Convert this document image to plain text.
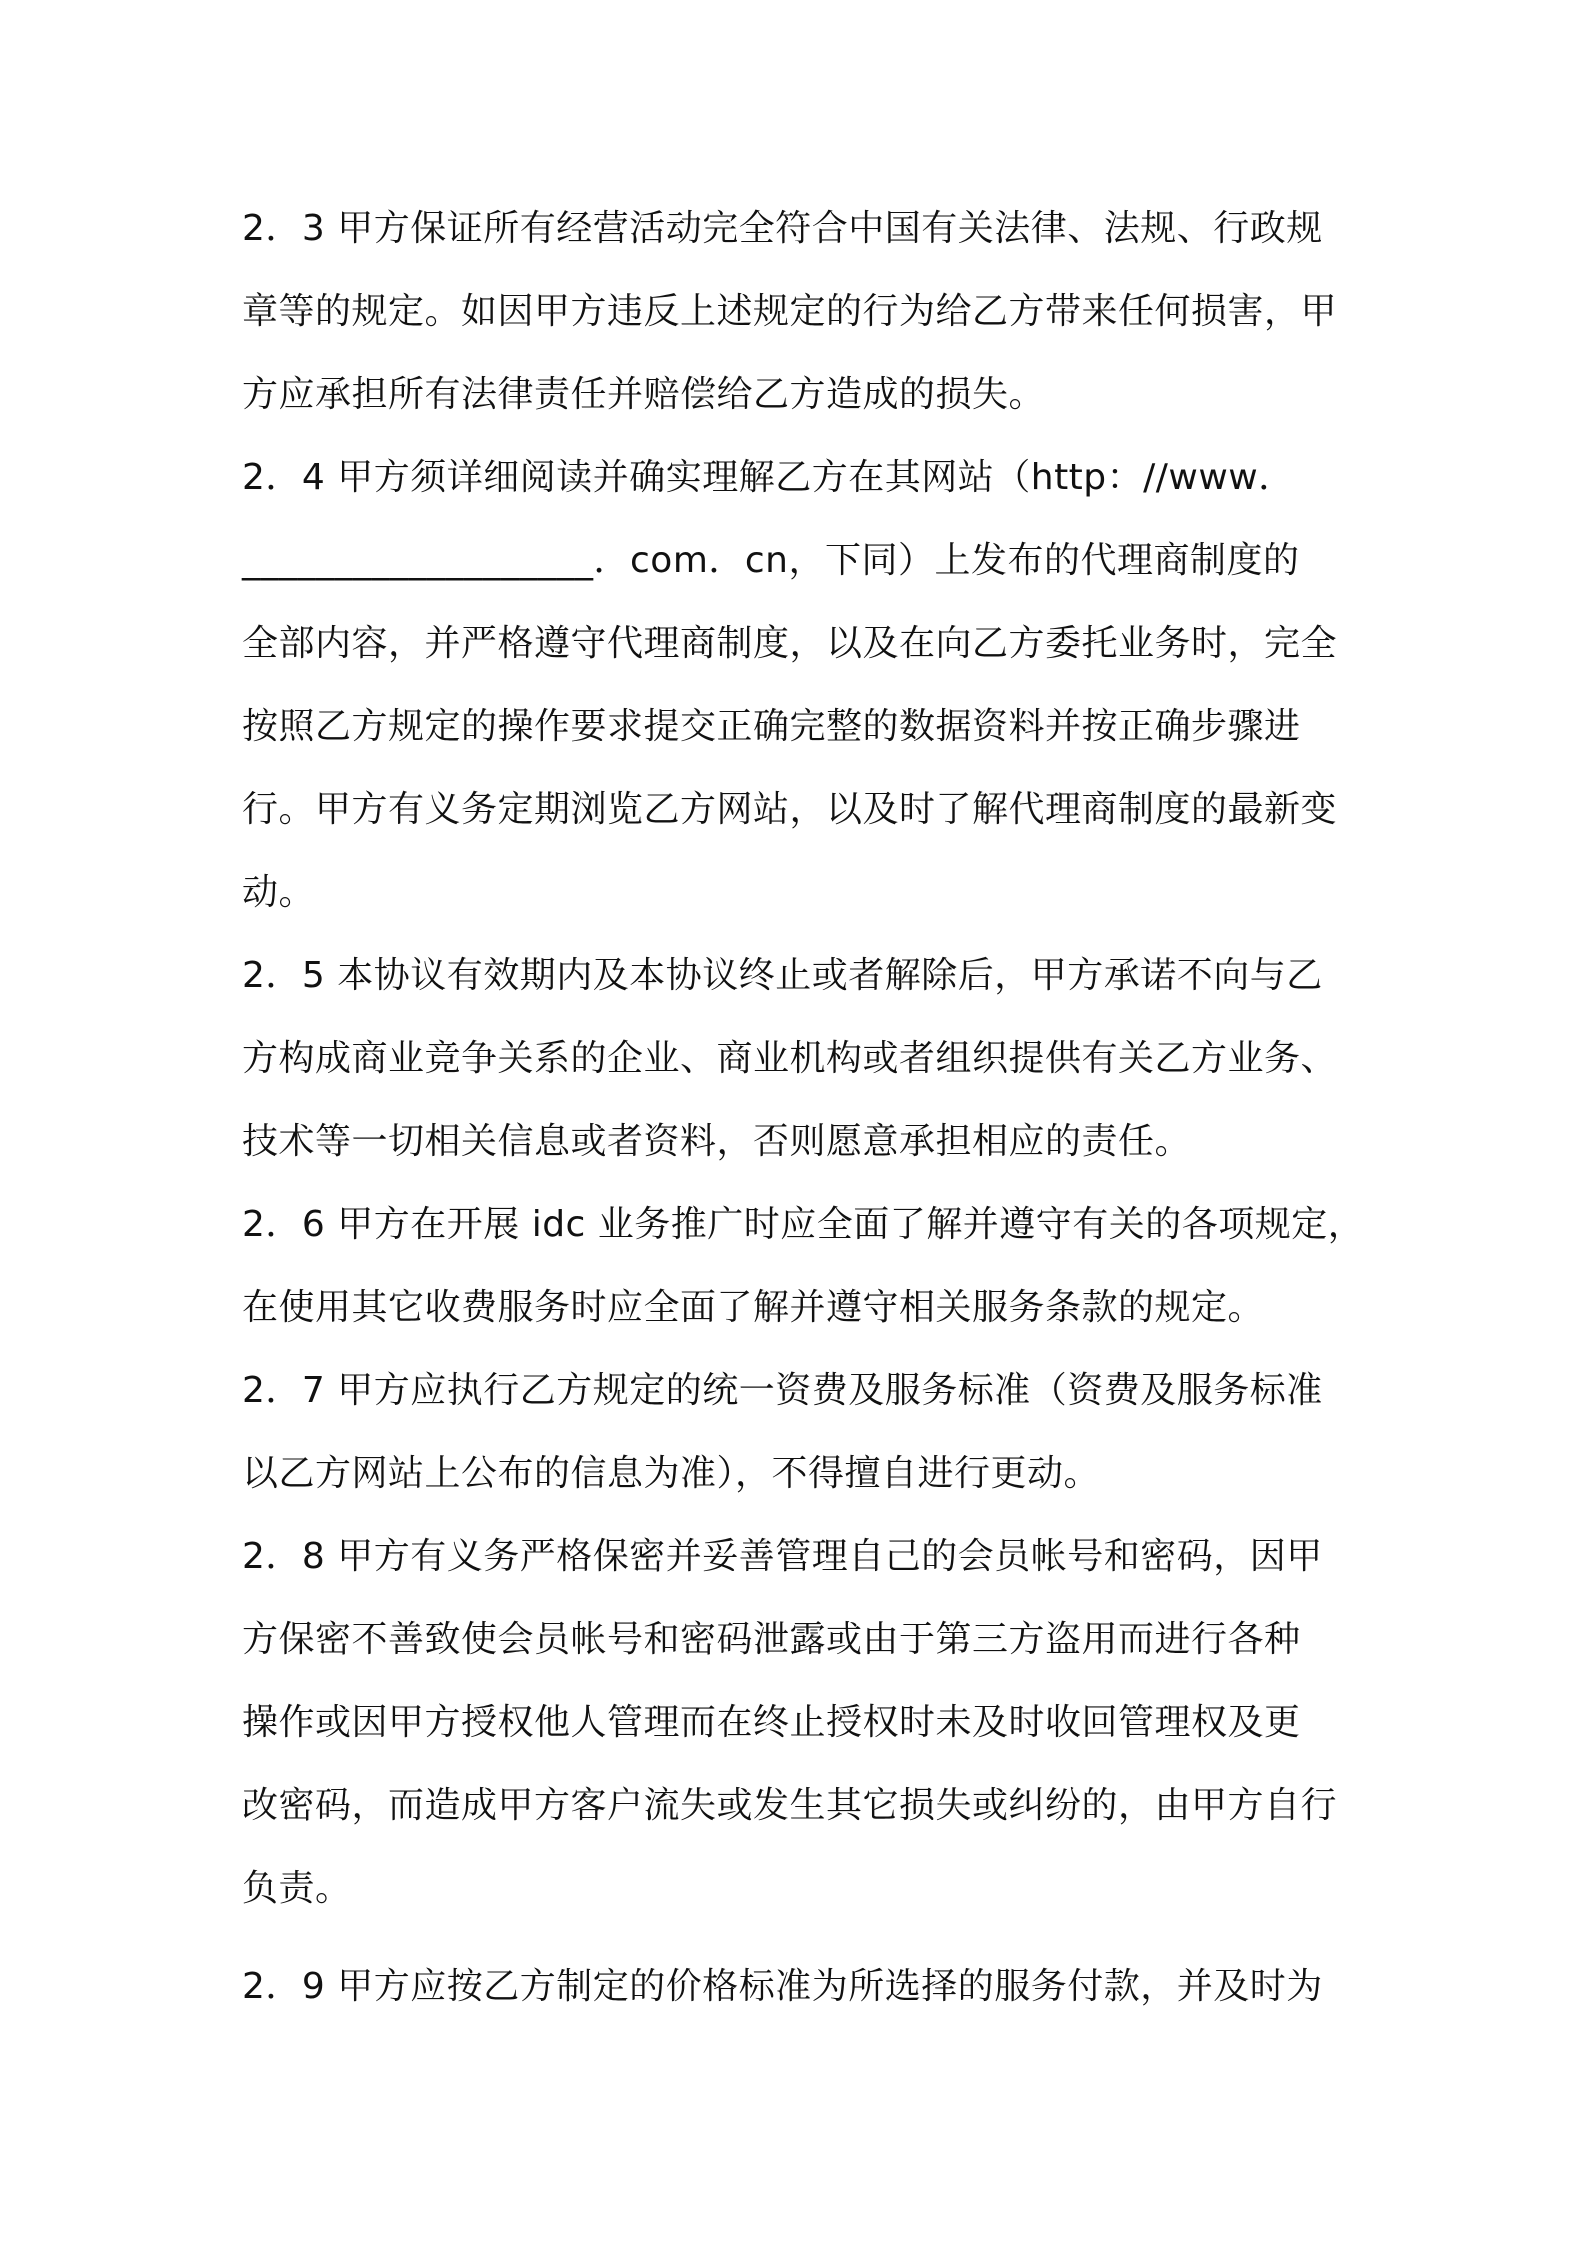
2．3 甲方保证所有经营活动完全符合中国有关法律、法规、行政规
章等的规定。如因甲方违反上述规定的行为给乙方带来任何损害，甲
方应承担所有法律责任并赔偿给乙方造成的损失。
2．4 甲方须详细阅读并确实理解乙方在其网站（http：//www．
___________________．com．cn，下同）上发布的代理商制度的
全部内容，并严格遵守代理商制度，以及在向乙方委托业务时，完全
按照乙方规定的操作要求提交正确完整的数据资料并按正确步骤进
行。甲方有义务定期浏览乙方网站，以及时了解代理商制度的最新变
动。
2．5 本协议有效期内及本协议终止或者解除后，甲方承诺不向与乙
方构成商业竞争关系的企业、商业机构或者组织提供有关乙方业务、
技术等一切相关信息或者资料，否则愿意承担相应的责任。
2．6 甲方在开展 idc 业务推广时应全面了解并遵守有关的各项规定，
在使用其它收费服务时应全面了解并遵守相关服务条款的规定。
2．7 甲方应执行乙方规定的统一资费及服务标准（资费及服务标准
以乙方网站上公布的信息为准），不得擅自进行更动。
2．8 甲方有义务严格保密并妥善管理自己的会员帐号和密码，因甲
方保密不善致使会员帐号和密码泄露或由于第三方盗用而进行各种
操作或因甲方授权他人管理而在终止授权时未及时收回管理权及更
改密码，而造成甲方客户流失或发生其它损失或纠纷的，由甲方自行
负责。
2．9 甲方应按乙方制定的价格标准为所选择的服务付款，并及时为
